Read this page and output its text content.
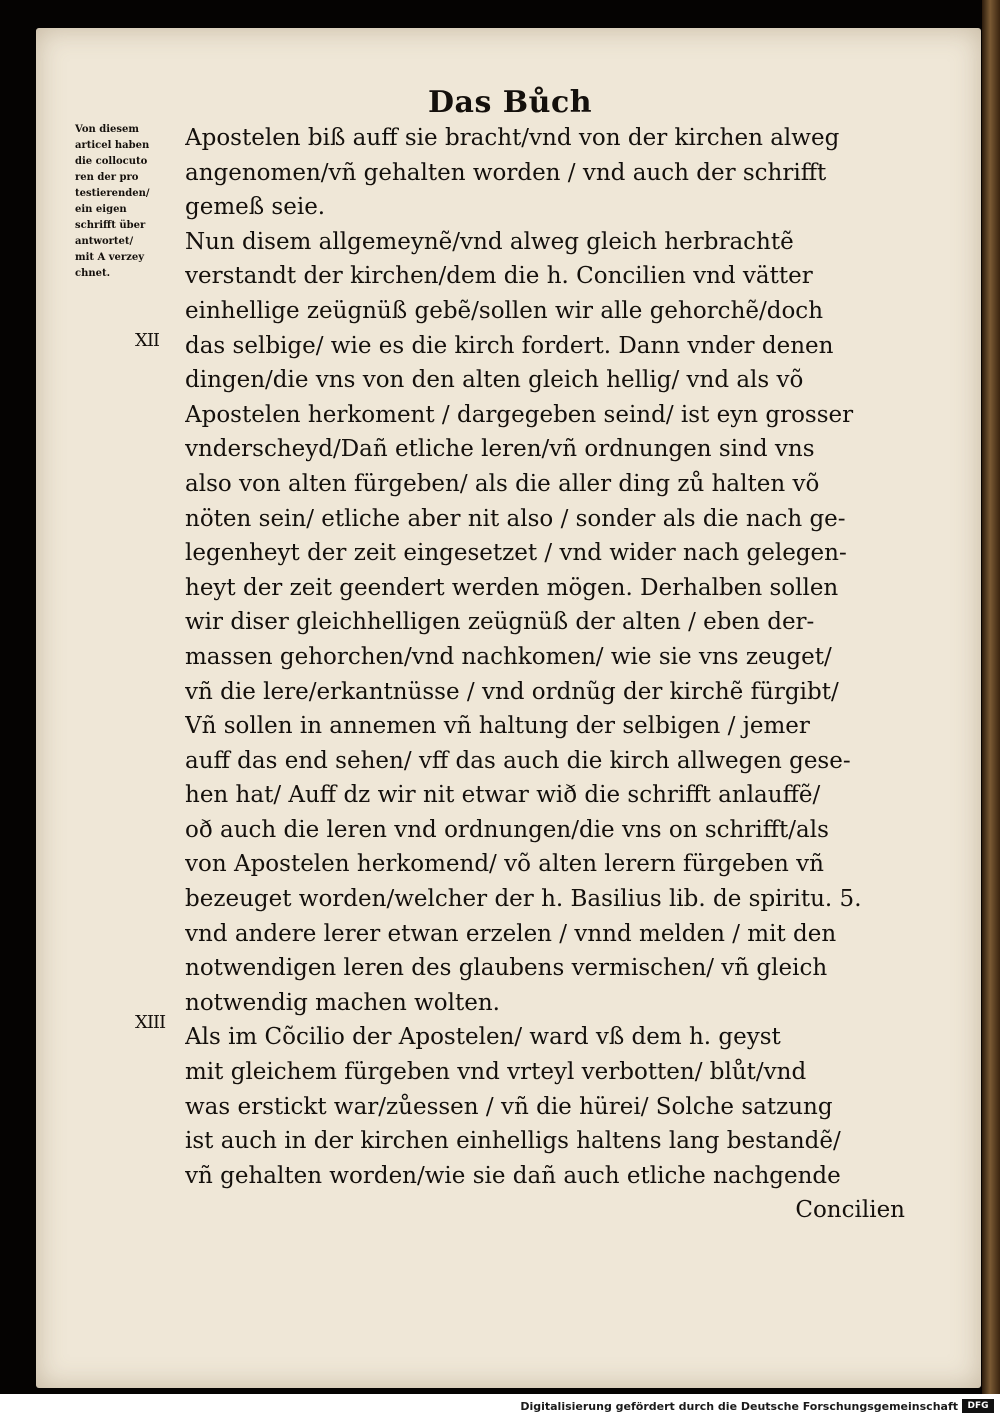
Das Bůch
Von diesem
articel haben
die collocuto
ren der pro
testierenden/
ein eigen
schrifft über
antwortet/
mit A verzey
chnet.
XII
XIII
Apostelen biß auff sie bracht/vnd von der kirchen alweg
angenomen/vñ gehalten worden / vnd auch der schrifft
gemeß seie.
Nun disem allgemeynẽ/vnd alweg gleich herbrachtẽ
verstandt der kirchen/dem die h. Concilien vnd vätter
einhellige zeügnüß gebẽ/sollen wir alle gehorchẽ/doch
das selbige/ wie es die kirch fordert. Dann vnder denen
dingen/die vns von den alten gleich hellig/ vnd als võ
Apostelen herkoment / dargegeben seind/ ist eyn grosser
vnderscheyd/Dañ etliche leren/vñ ordnungen sind vns
also von alten fürgeben/ als die aller ding zů halten võ
nöten sein/ etliche aber nit also / sonder als die nach ge-
legenheyt der zeit eingesetzet / vnd wider nach gelegen-
heyt der zeit geendert werden mögen. Derhalben sollen
wir diser gleichhelligen zeügnüß der alten / eben der-
massen gehorchen/vnd nachkomen/ wie sie vns zeuget/
vñ die lere/erkantnüsse / vnd ordnũg der kirchẽ fürgibt/
Vñ sollen in annemen vñ haltung der selbigen / jemer
auff das end sehen/ vff das auch die kirch allwegen gese-
hen hat/ Auff dz wir nit etwar wið die schrifft anlauffẽ/
oð auch die leren vnd ordnungen/die vns on schrifft/als
von Apostelen herkomend/ võ alten lerern fürgeben vñ
bezeuget worden/welcher der h. Basilius lib. de spiritu. 5.
vnd andere lerer etwan erzelen / vnnd melden / mit den
notwendigen leren des glaubens vermischen/ vñ gleich
notwendig machen wolten.
Als im Cõcilio der Apostelen/ ward vß dem h. geyst
mit gleichem fürgeben vnd vrteyl verbotten/ blůt/vnd
was erstickt war/zůessen / vñ die hürei/ Solche satzung
ist auch in der kirchen einhelligs haltens lang bestandẽ/
vñ gehalten worden/wie sie dañ auch etliche nachgende
Concilien
Digitalisierung gefördert durch die Deutsche Forschungsgemeinschaft	DFG
